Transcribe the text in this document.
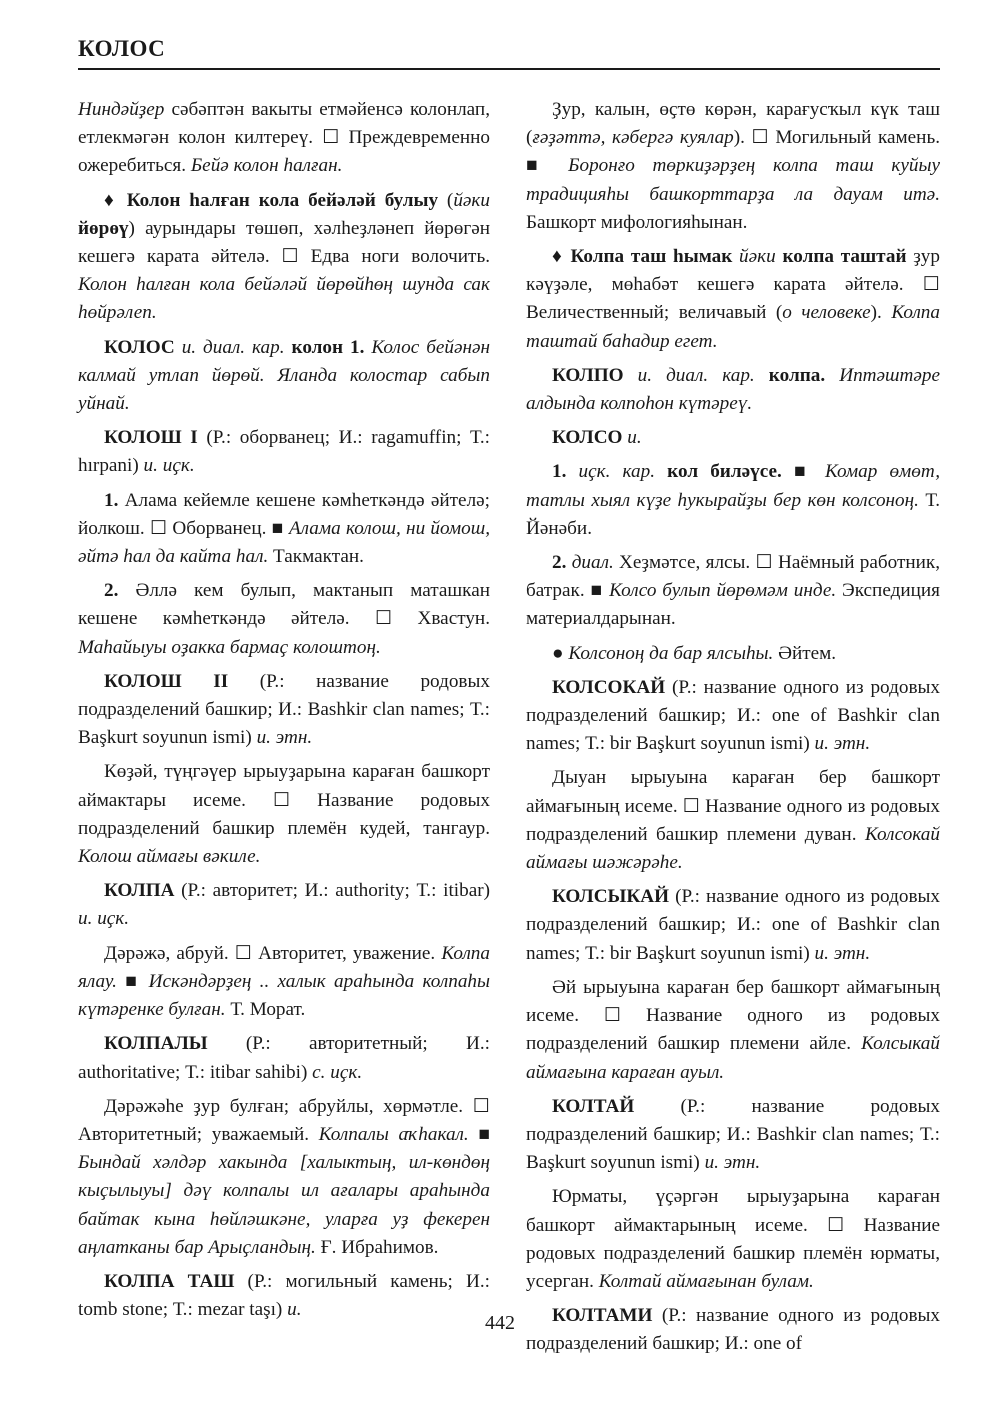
КОЛОС

Ниндәйҙер сәбәптән вакыты етмәйенсә колонлап, етлекмәгән колон килтереү. ☐ Преждевременно ожеребиться. Бейә колон һалған.

♦ Колон һалған кола бейәләй булыу (йәки йөрөү) аурындары төшөп, хәлһеҙләнеп йөрөгән кешегә карата әйтелә. ☐ Едва ноги волочить. Колон һалған кола бейәләй йөрөйһөң шунда сак һөйрәлеп.

КОЛОС и. диал. кар. колон 1. Колос бейәнән калмай утлап йөрөй. Яланда колостар сабып уйнай.

КОЛОШ I (Р.: оборванец; И.: ragamuffin; Т.: hırpani) и. иҫк.

1. Алама кейемле кешене кәмһеткәндә әйтелә; йолкош. ☐ Оборванец. ■ Алама колош, ни йомош, әйтә һал да кайта һал. Такмактан.

2. Әллә кем булып, мактанып маташкан кешене кәмһеткәндә әйтелә. ☐ Хвастун. Маһайыуы оҙакка бармаҫ колоштоң.

КОЛОШ II (Р.: название родовых подразделений башкир; И.: Bashkir clan names; Т.: Başkurt soyunun ismi) и. этн.

Көҙәй, түңгәүер ырыуҙарына караған башкорт аймактары исеме. ☐ Название родовых подразделений башкир племён кудей, тангаур. Колош аймағы вәкиле.

КОЛПА (Р.: авторитет; И.: authority; Т.: itibar) и. иҫк.

Дәрәжә, абруй. ☐ Авторитет, уважение. Колпа ялау. ■ Искәндәрҙең .. халык араһында колпаһы күтәренке булған. Т. Морат.

КОЛПАЛЫ (Р.: авторитетный; И.: authoritative; Т.: itibar sahibi) с. иҫк.

Дәрәжәһе ҙур булған; абруйлы, хөрмәтле. ☐ Авторитетный; уважаемый. Колпалы аҡһакал. ■ Бындай хәлдәр хакында [халыктың, ил-көндөң кыҫылыуы] дәү колпалы ил ағалары араһында байтак кына һөйләшкәне, уларға уҙ фекерен аңлатканы бар Арыҫландың. Ғ. Ибраһимов.

КОЛПА ТАШ (Р.: могильный камень; И.: tomb stone; Т.: mezar taşı) и.

Ҙур, калын, өҫтө көрән, карағусҡыл күк таш (ғәҙәттә, кәбергә куялар). ☐ Могильный камень. ■ Боронғо төркиҙәрҙең колпа таш куйыу традицияһы башкорттарҙа ла дауам итә. Башкорт мифологияһынан.

♦ Колпа таш һымак йәки колпа таштай ҙур кәүҙәле, мөһабәт кешегә карата әйтелә. ☐ Величественный; величавый (о человеке). Колпа таштай баһадир егет.

КОЛПО и. диал. кар. колпа. Иптәштәре алдында колпоһон күтәреү.

КОЛСО и.

1. иҫк. кар. кол биләүсе. ■ Комар өмөт, татлы хыял күҙе һукырайҙы бер көн колсоноң. Т. Йәнәби.

2. диал. Хеҙмәтсе, ялсы. ☐ Наёмный работник, батрак. ■ Колсо булып йөрөмәм инде. Экспедиция материалдарынан.

● Колсоноң да бар ялсыһы. Әйтем.

КОЛСОКАЙ (Р.: название одного из родовых подразделений башкир; И.: one of Bashkir clan names; Т.: bir Başkurt soyunun ismi) и. этн.

Дыуан ырыуына караған бер башкорт аймағының исеме. ☐ Название одного из родовых подразделений башкир племени дуван. Колсокай аймағы шәжәрәһе.

КОЛСЫКАЙ (Р.: название одного из родовых подразделений башкир; И.: one of Bashkir clan names; Т.: bir Başkurt soyunun ismi) и. этн.

Әй ырыуына караған бер башкорт аймағының исеме. ☐ Название одного из родовых подразделений башкир племени айле. Колсыкай аймағына караған ауыл.

КОЛТАЙ (Р.: название родовых подразделений башкир; И.: Bashkir clan names; Т.: Başkurt soyunun ismi) и. этн.

Юрматы, үҫәргән ырыуҙарына караған башкорт аймактарының исеме. ☐ Название родовых подразделений башкир племён юрматы, усерган. Колтай аймағынан булам.

КОЛТАМИ (Р.: название одного из родовых подразделений башкир; И.: one of

442
